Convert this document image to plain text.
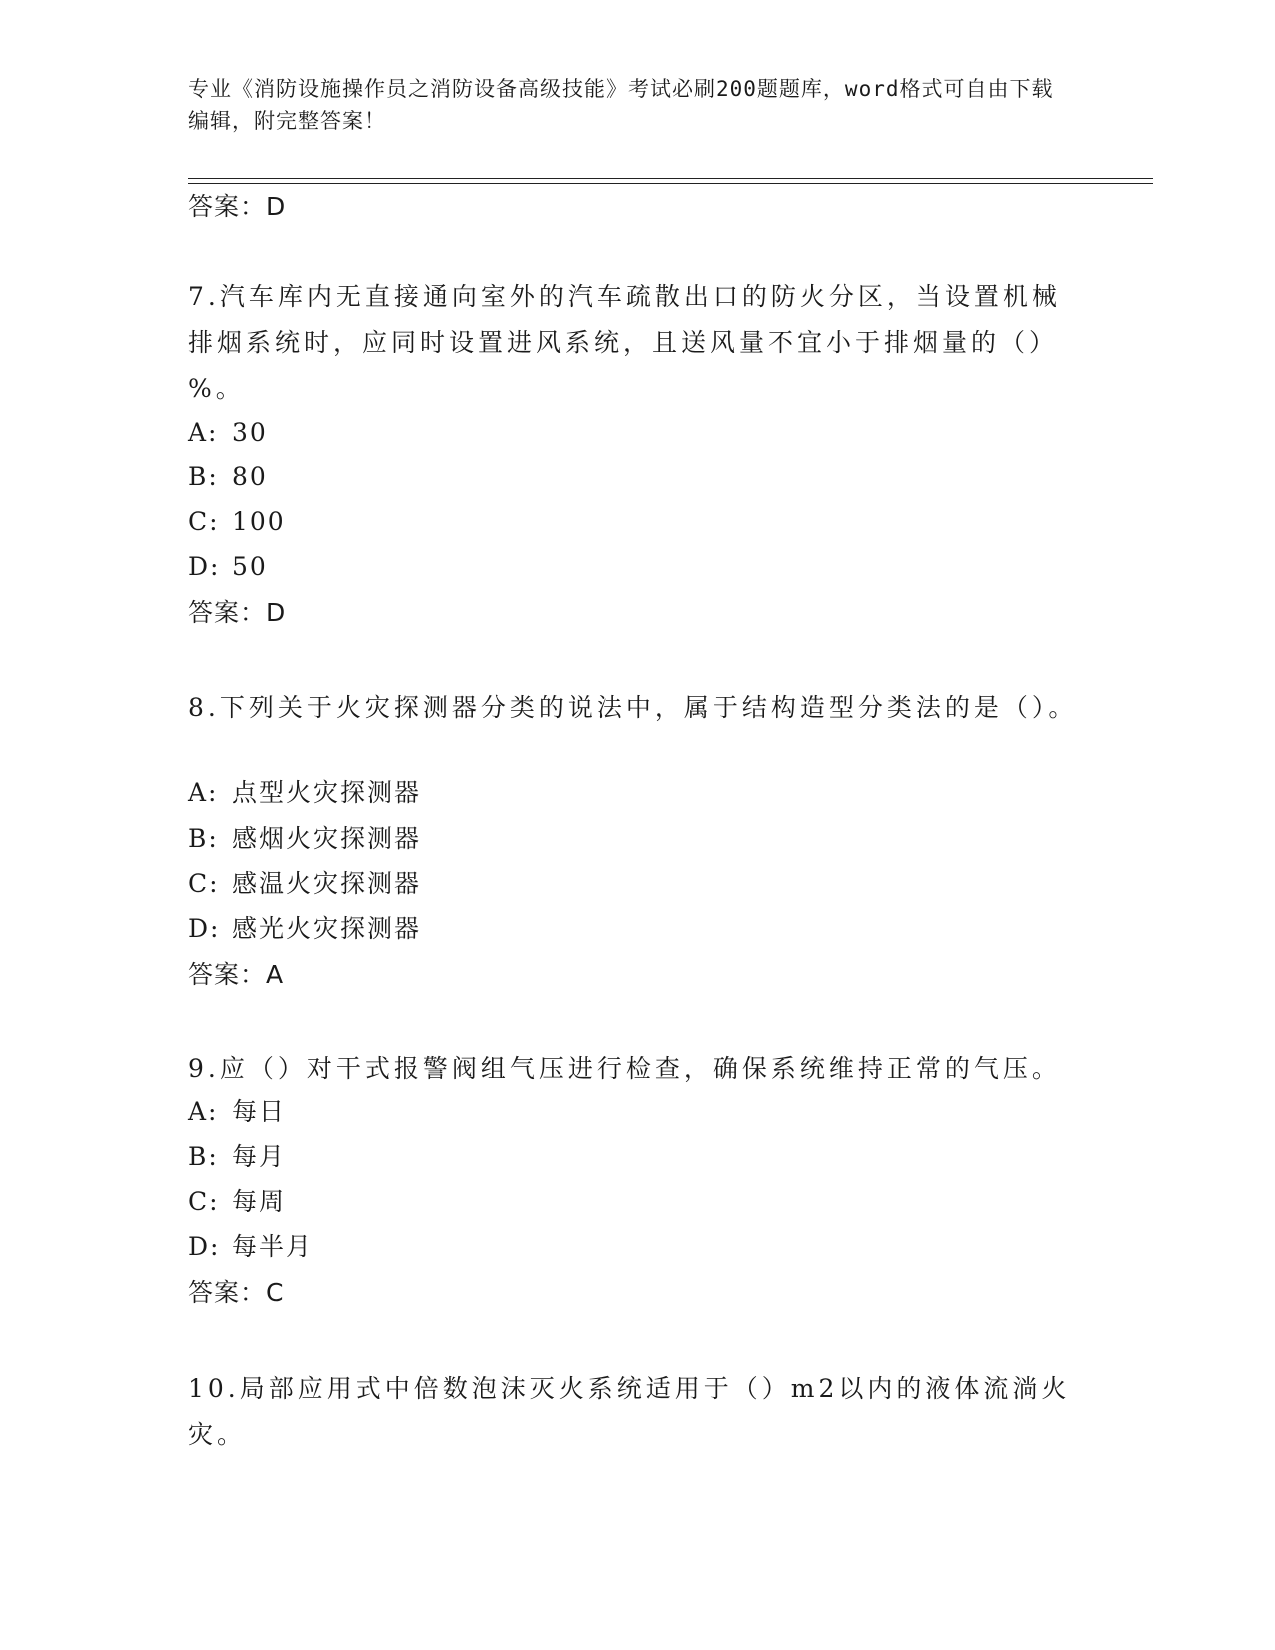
专业《消防设施操作员之消防设备高级技能》考试必刷200题题库，word格式可自由下载编辑，附完整答案！
答案：D
7.汽车库内无直接通向室外的汽车疏散出口的防火分区，当设置机械排烟系统时，应同时设置进风系统，且送风量不宜小于排烟量的（）%。
A: 30
B: 80
C: 100
D: 50
答案：D
8.下列关于火灾探测器分类的说法中，属于结构造型分类法的是（）。
A: 点型火灾探测器
B: 感烟火灾探测器
C: 感温火灾探测器
D: 感光火灾探测器
答案：A
9.应（）对干式报警阀组气压进行检查，确保系统维持正常的气压。
A: 每日
B: 每月
C: 每周
D: 每半月
答案：C
10.局部应用式中倍数泡沫灭火系统适用于（）m2以内的液体流淌火灾。
